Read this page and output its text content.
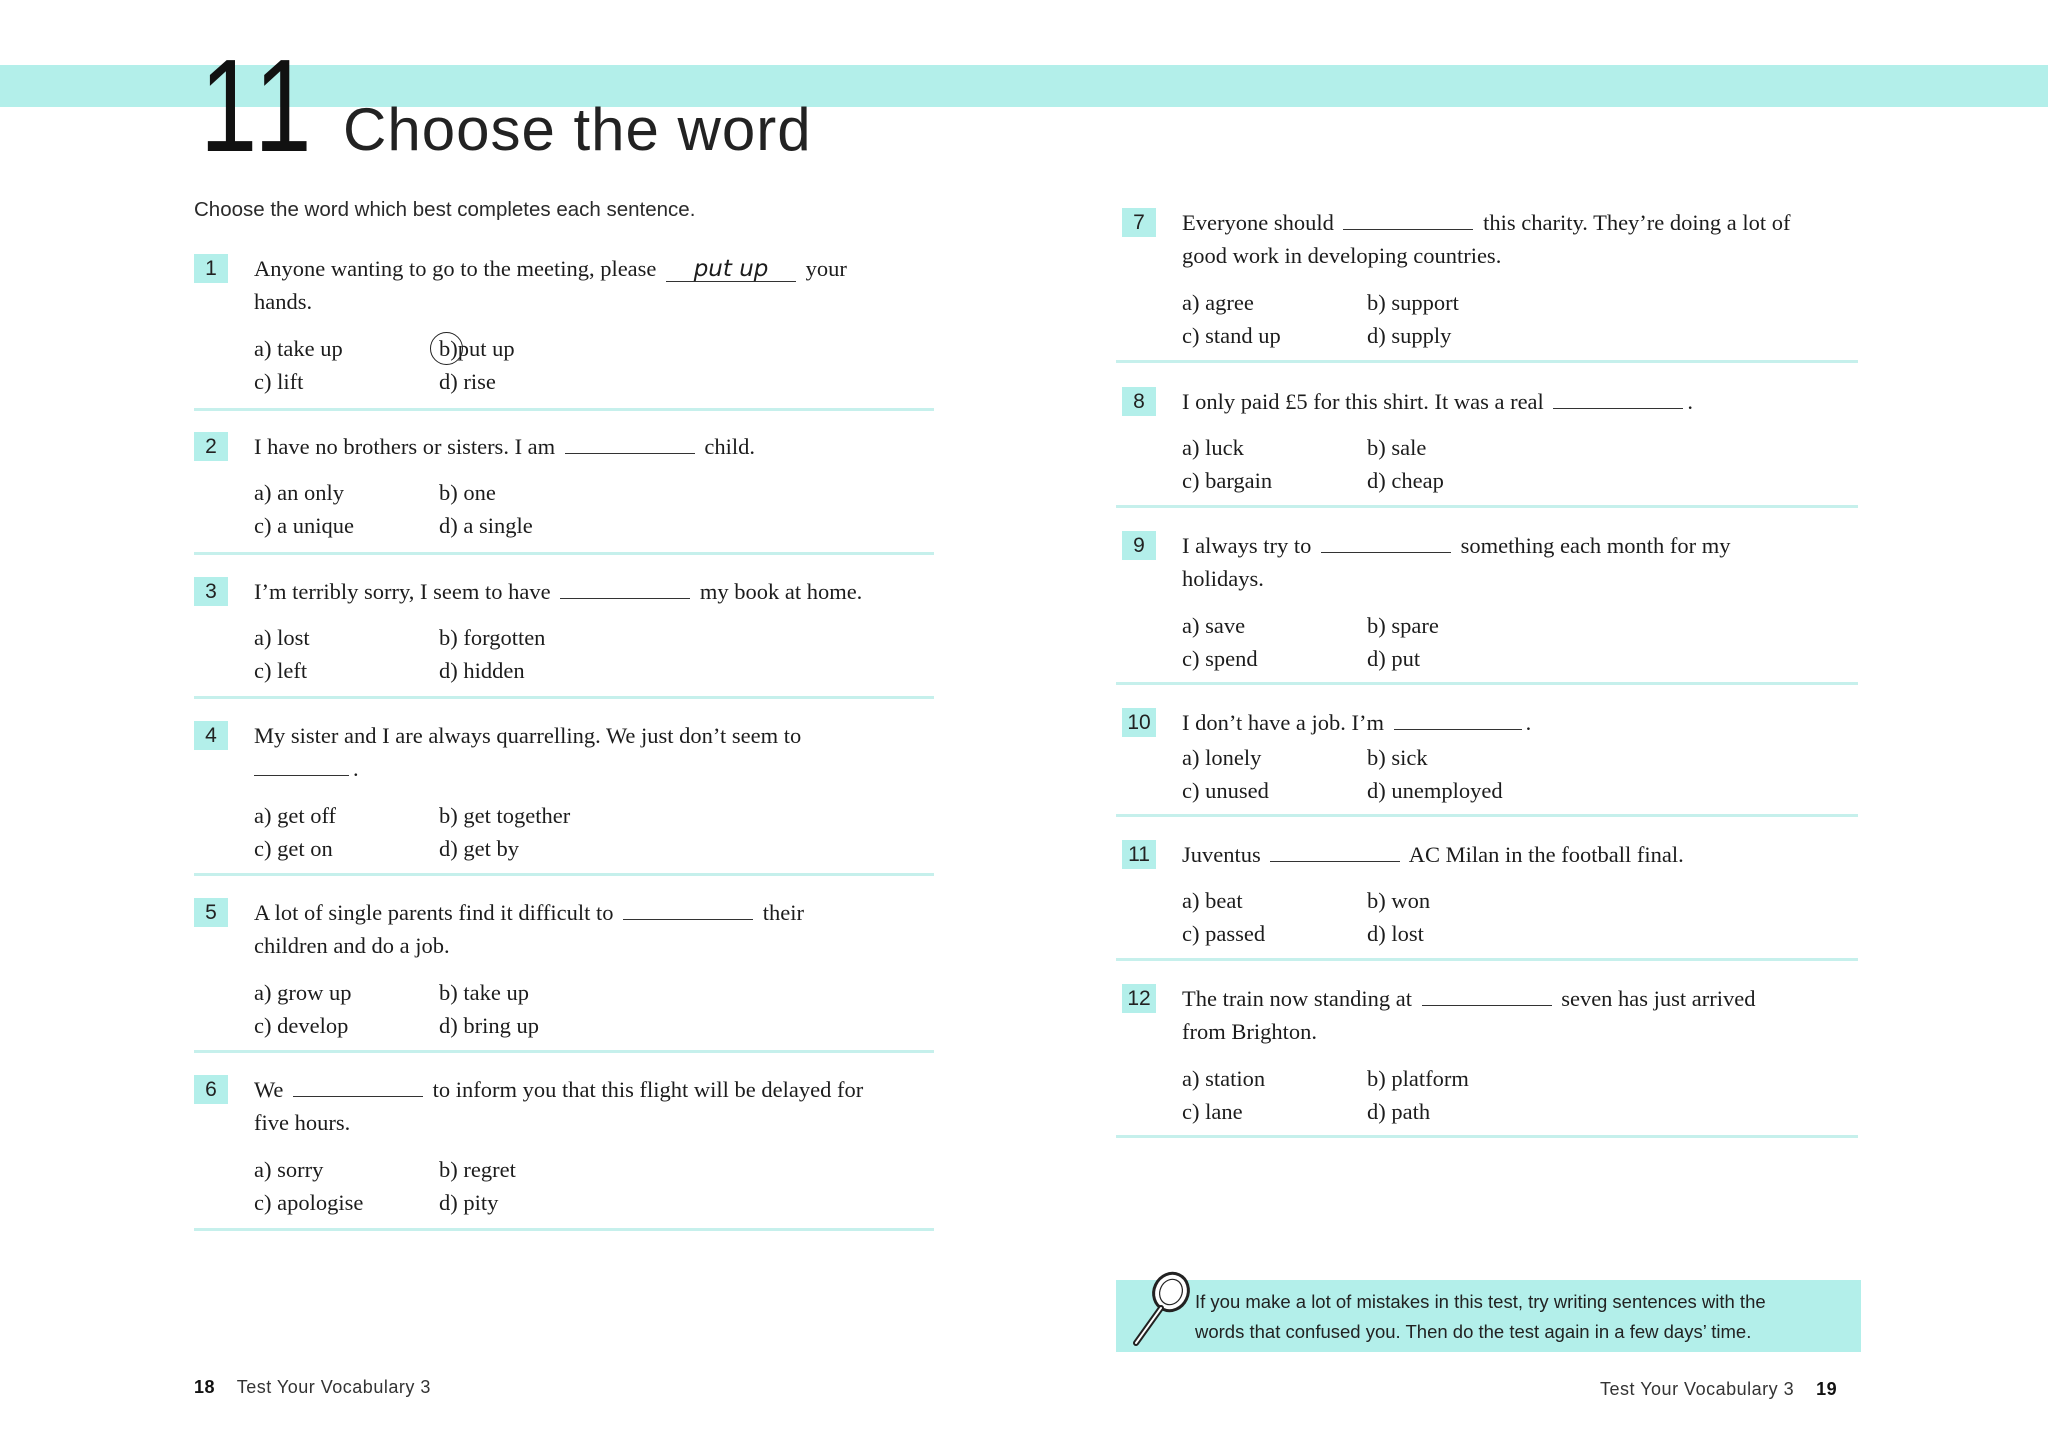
11 Choose the word
Choose the word which best completes each sentence.
1	Anyone wanting to go to the meeting, please put up your
hands.
a) take up	b)put up
c) lift	d) rise
2	I have no brothers or sisters. I am	child.
a) an only	b) one
c) a unique	d) a single
3	I’m terribly sorry, I seem to have	my book at home.
a) lost	b) forgotten
c) left	d) hidden
4	My sister and I are always quarrelling. We just don’t seem to
.
a) get off	b) get together
c) get on	d) get by
5	A lot of single parents find it difficult to	their
children and do a job.
a) grow up	b) take up
c) develop	d) bring up
6	We	to inform you that this flight will be delayed for
five hours.
a) sorry	b) regret
c) apologise	d) pity
7	Everyone should	this charity. They’re doing a lot of
good work in developing countries.
a) agree	b) support
c) stand up	d) supply
8	I only paid £5 for this shirt. It was a real	.
a) luck	b) sale
c) bargain	d) cheap
9	I always try to	something each month for my
holidays.
a) save	b) spare
c) spend	d) put
10 I don’t have a job. I’m	.
a) lonely	b) sick
c) unused	d) unemployed
11 Juventus	AC Milan in the football final.
a) beat	b) won
c) passed	d) lost
12 The train now standing at	seven has just arrived
from Brighton.
a) station	b) platform
c) lane	d) path
If you make a lot of mistakes in this test, try writing sentences with the
words that confused you. Then do the test again in a few days’ time.
18 Test Your Vocabulary 3	Test Your Vocabulary 3 19
